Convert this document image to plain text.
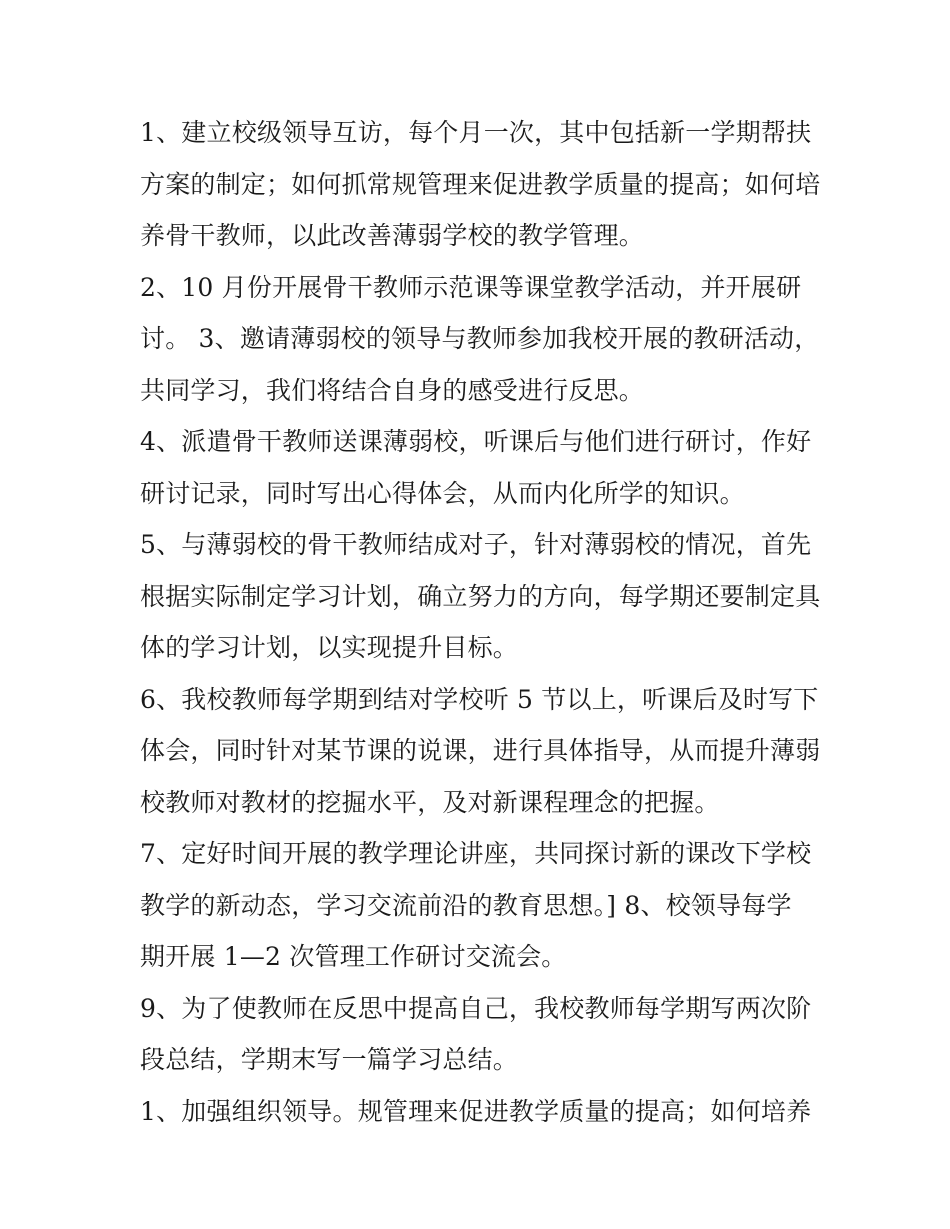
1、建立校级领导互访，每个月一次，其中包括新一学期帮扶
方案的制定；如何抓常规管理来促进教学质量的提高；如何培
养骨干教师，以此改善薄弱学校的教学管理。
2、10 月份开展骨干教师示范课等课堂教学活动，并开展研
讨。 3、邀请薄弱校的领导与教师参加我校开展的教研活动，
共同学习，我们将结合自身的感受进行反思。
4、派遣骨干教师送课薄弱校，听课后与他们进行研讨，作好
研讨记录，同时写出心得体会，从而内化所学的知识。
5、与薄弱校的骨干教师结成对子，针对薄弱校的情况，首先
根据实际制定学习计划，确立努力的方向，每学期还要制定具
体的学习计划，以实现提升目标。
6、我校教师每学期到结对学校听 5 节以上，听课后及时写下
体会，同时针对某节课的说课，进行具体指导，从而提升薄弱
校教师对教材的挖掘水平，及对新课程理念的把握。
7、定好时间开展的教学理论讲座，共同探讨新的课改下学校
教学的新动态，学习交流前沿的教育思想。] 8、校领导每学
期开展 1—2 次管理工作研讨交流会。
9、为了使教师在反思中提高自己，我校教师每学期写两次阶
段总结，学期末写一篇学习总结。
1、加强组织领导。规管理来促进教学质量的提高；如何培养
